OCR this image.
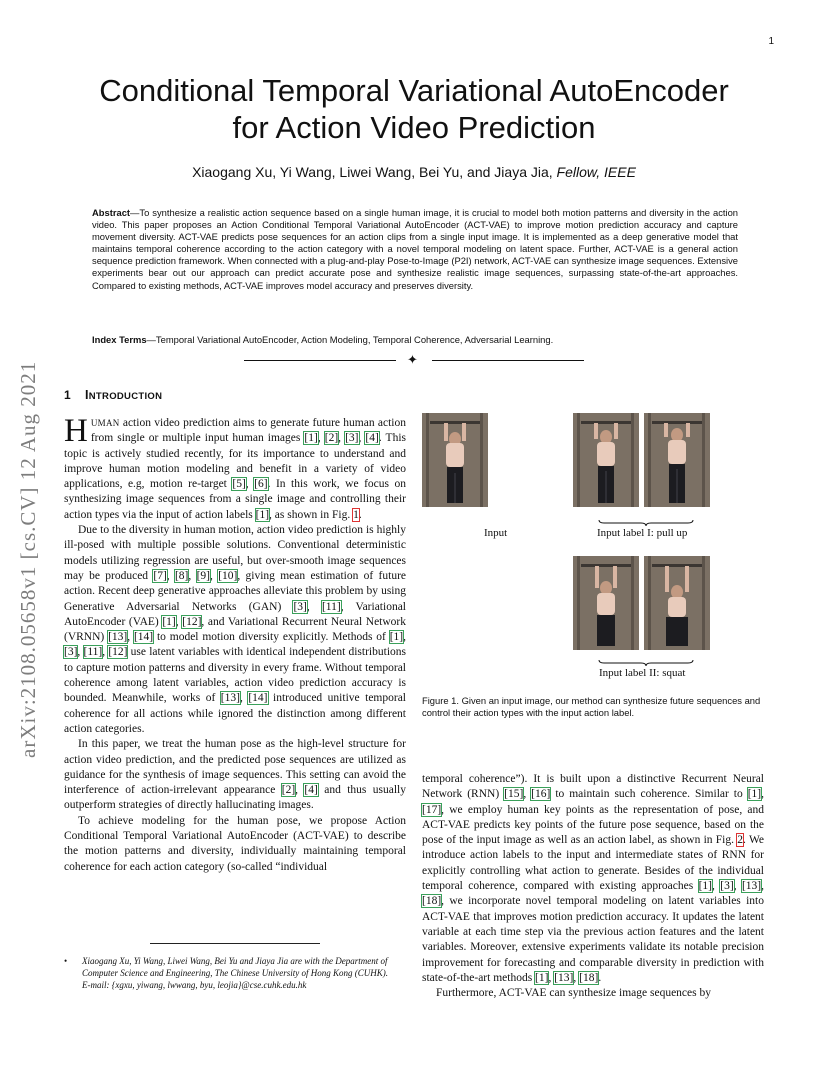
1
arXiv:2108.05658v1 [cs.CV] 12 Aug 2021
Conditional Temporal Variational AutoEncoder
for Action Video Prediction
Xiaogang Xu, Yi Wang, Liwei Wang, Bei Yu, and Jiaya Jia, Fellow, IEEE
Abstract—To synthesize a realistic action sequence based on a single human image, it is crucial to model both motion patterns and diversity in the action video. This paper proposes an Action Conditional Temporal Variational AutoEncoder (ACT-VAE) to improve motion prediction accuracy and capture movement diversity. ACT-VAE predicts pose sequences for an action clips from a single input image. It is implemented as a deep generative model that maintains temporal coherence according to the action category with a novel temporal modeling on latent space. Further, ACT-VAE is a general action sequence prediction framework. When connected with a plug-and-play Pose-to-Image (P2I) network, ACT-VAE can synthesize image sequences. Extensive experiments bear out our approach can predict accurate pose and synthesize realistic image sequences, surpassing state-of-the-art approaches. Compared to existing methods, ACT-VAE improves model accuracy and preserves diversity.
Index Terms—Temporal Variational AutoEncoder, Action Modeling, Temporal Coherence, Adversarial Learning.
✦
1 INTRODUCTION

HUMAN action video prediction aims to generate future human action from single or multiple input human images [1], [2], [3], [4]. This topic is actively studied recently, for its importance to understand and improve human motion modeling and benefit in a variety of video applications, e.g, motion re-target [5], [6]. In this work, we focus on synthesizing image sequences from a single image and controlling their action types via the input of action labels [1], as shown in Fig. 1.

Due to the diversity in human motion, action video prediction is highly ill-posed with multiple possible solutions. Conventional deterministic models utilizing regression are useful, but over-smooth image sequences may be produced [7], [8], [9], [10], giving mean estimation of future action. Recent deep generative approaches alleviate this problem by using Generative Adversarial Networks (GAN) [3], [11], Variational AutoEncoder (VAE) [1], [12], and Variational Recurrent Neural Network (VRNN) [13], [14] to model motion diversity explicitly. Methods of [1], [3], [11], [12] use latent variables with identical independent distributions to capture motion patterns and diversity in every frame. Without temporal coherence among latent variables, action video prediction accuracy is bounded. Meanwhile, works of [13], [14] introduced unitive temporal coherence for all actions while ignored the distinction among different action categories.

In this paper, we treat the human pose as the high-level structure for action video prediction, and the predicted pose sequences are utilized as guidance for the synthesis of image sequences. This setting can avoid the interference of action-irrelevant appearance [2], [4] and thus usually outperform strategies of directly hallucinating images.

To achieve modeling for the human pose, we propose Action Conditional Temporal Variational AutoEncoder (ACT-VAE) to describe the motion patterns and diversity, individually maintaining temporal coherence for each action category (so-called “individual

• Xiaogang Xu, Yi Wang, Liwei Wang, Bei Yu and Jiaya Jia are with the Department of Computer Science and Engineering, The Chinese University of Hong Kong (CUHK).
E-mail: {xgxu, yiwang, lwwang, byu, leojia}@cse.cuhk.edu.hk
Input	Input label I: pull up
Input label II: squat
Figure 1. Given an input image, our method can synthesize future sequences and control their action types with the input action label.

temporal coherence”). It is built upon a distinctive Recurrent Neural Network (RNN) [15], [16] to maintain such coherence. Similar to [1], [17], we employ human key points as the representation of pose, and ACT-VAE predicts key points of the future pose sequence, based on the pose of the input image as well as an action label, as shown in Fig. 2. We introduce action labels to the input and intermediate states of RNN for explicitly controlling what action to generate. Besides of the individual temporal coherence, compared with existing approaches [1], [3], [13], [18], we incorporate novel temporal modeling on latent variables into ACT-VAE that improves motion prediction accuracy. It updates the latent variable at each time step via the previous action features and the latent variables. Moreover, extensive experiments validate its notable precision improvement for forecasting and comparable diversity in prediction with state-of-the-art methods [1], [13], [18].

Furthermore, ACT-VAE can synthesize image sequences by
